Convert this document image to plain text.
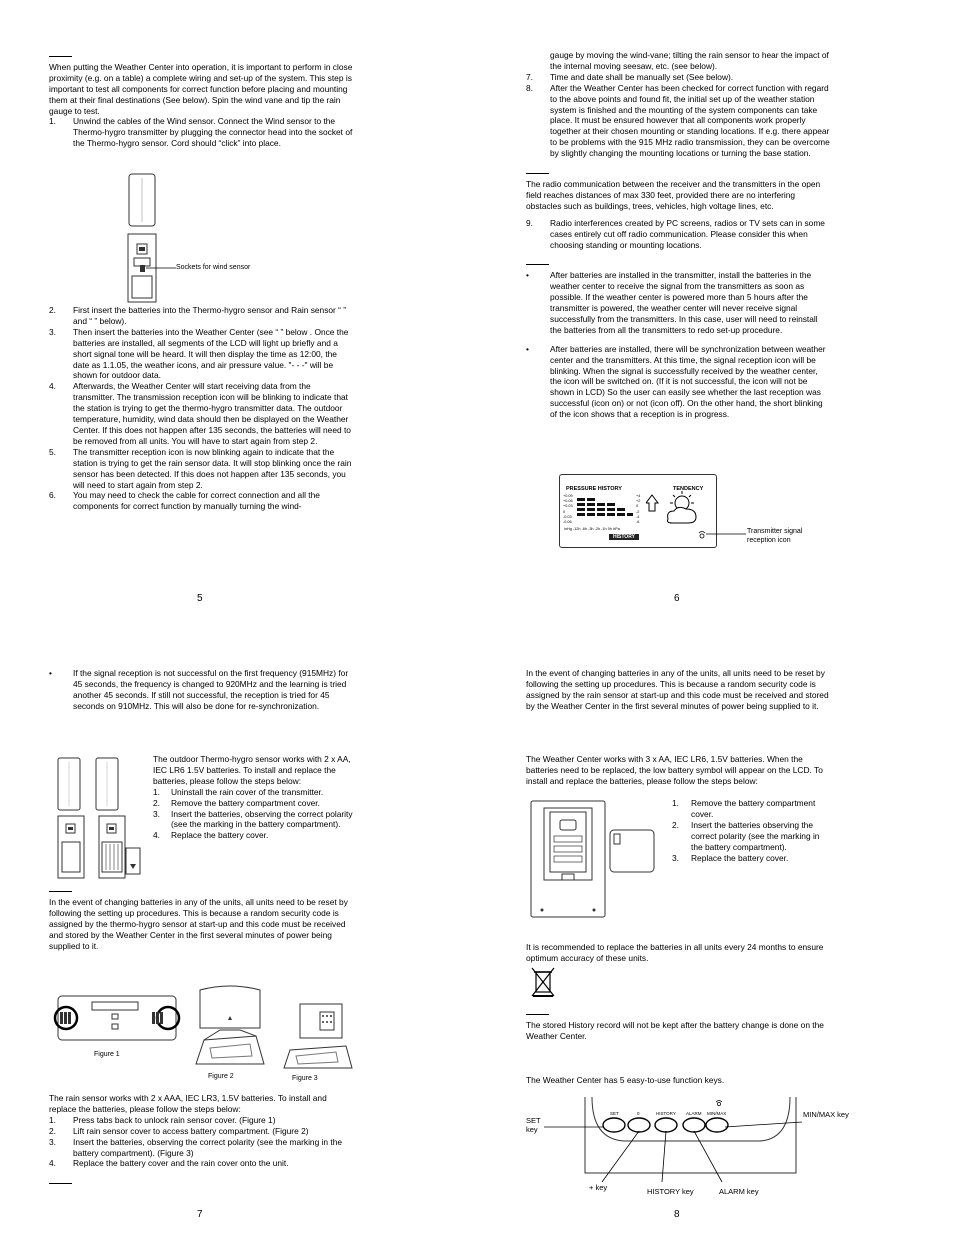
When putting the Weather Center into operation, it is important to perform in close proximity (e.g. on a table) a complete wiring and set-up of the system. This step is important to test all components for correct function before placing and mounting them at their final destinations (See below). Spin the wind vane and tip the rain gauge to test.

1. Unwind the cables of the Wind sensor. Connect the Wind sensor to the Thermo-hygro transmitter by plugging the connector head into the socket of the Thermo-hygro sensor. Cord should “click” into place.
Sockets for wind sensor
2. First insert the batteries into the Thermo-hygro sensor and Rain sensor “ ” and “ ” below).
3. Then insert the batteries into the Weather Center (see “ ” below . Once the batteries are installed, all segments of the LCD will light up briefly and a short signal tone will be heard. It will then display the time as 12:00, the date as 1.1.05, the weather icons, and air pressure value. "- - -" will be shown for outdoor data.
4. Afterwards, the Weather Center will start receiving data from the transmitter. The transmission reception icon will be blinking to indicate that the station is trying to get the thermo-hygro transmitter data. The outdoor temperature, humidity, wind data should then be displayed on the Weather Center. If this does not happen after 135 seconds, the batteries will need to be removed from all units. You will have to start again from step 2.
5. The transmitter reception icon is now blinking again to indicate that the station is trying to get the rain sensor data. It will stop blinking once the rain sensor has been detected. If this does not happen after 135 seconds, you will need to start again from step 2.
6. You may need to check the cable for correct connection and all the components for correct function by manually turning the wind-
5

gauge by moving the wind-vane; tilting the rain sensor to hear the impact of the internal moving seesaw, etc. (see below).

7. Time and date shall be manually set (See below).
8. After the Weather Center has been checked for correct function with regard to the above points and found fit, the initial set up of the weather station system is finished and the mounting of the system components can take place. It must be ensured however that all components work properly together at their chosen mounting or standing locations. If e.g. there appear to be problems with the 915 MHz radio transmission, they can be overcome by slightly changing the mounting locations or turning the base station.

The radio communication between the receiver and the transmitters in the open field reaches distances of max 330 feet, provided there are no interfering obstacles such as buildings, trees, vehicles, high voltage lines, etc.

9. Radio interferences created by PC screens, radios or TV sets can in some cases entirely cut off radio communication. Please consider this when choosing standing or mounting locations.
•	After batteries are installed in the transmitter, install the batteries in the weather center to receive the signal from the transmitters as soon as possible. If the weather center is powered more than 5 hours after the transmitter is powered, the weather center will never receive signal successfully from the transmitters. In this case, user will need to reinstall the batteries from all the transmitters to redo set-up procedure.
•	After batteries are installed, there will be synchronization between weather center and the transmitters. At this time, the signal reception icon will be blinking. When the signal is successfully received by the weather center, the icon will be switched on. (If it is not successful, the icon will not be shown in LCD) So the user can easily see whether the last reception was successful (icon on) or not (icon off). On the other hand, the short blinking of the icon shows that a reception is in progress.
PRESSURE HISTORY	TENDENCY
inHg -12h -6h -3h -2h -1h 0h hPa
HISTORY
+0.09
+0.06
+0.03
0
-0.03
-0.06
+4
+2
0
-2
-4
-6
Transmitter signal reception icon
6
•	If the signal reception is not successful on the first frequency (915MHz) for 45 seconds, the frequency is changed to 920MHz and the learning is tried another 45 seconds. If still not successful, the reception is tried for 45 seconds on 910MHz. This will also be done for re-synchronization.

The outdoor Thermo-hygro sensor works with 2 x AA, IEC LR6 1.5V batteries. To install and replace the batteries, please follow the steps below:

1. Uninstall the rain cover of the transmitter.
2. Remove the battery compartment cover.
3. Insert the batteries, observing the correct polarity (see the marking in the battery compartment).
4. Replace the battery cover.

In the event of changing batteries in any of the units, all units need to be reset by following the setting up procedures. This is because a random security code is assigned by the thermo-hygro sensor at start-up and this code must be received and stored by the Weather Center in the first several minutes of power being supplied to it.

Figure 1
Figure 2	Figure 3

The rain sensor works with 2 x AAA, IEC LR3, 1.5V batteries. To install and replace the batteries, please follow the steps below:

1. Press tabs back to unlock rain sensor cover. (Figure 1)
2. Lift rain sensor cover to access battery compartment. (Figure 2)
3. Insert the batteries, observing the correct polarity (see the marking in the battery compartment). (Figure 3)
4. Replace the battery cover and the rain cover onto the unit.
7

In the event of changing batteries in any of the units, all units need to be reset by following the setting up procedures. This is because a random security code is assigned by the rain sensor at start-up and this code must be received and stored by the Weather Center in the first several minutes of power being supplied to it.

The Weather Center works with 3 x AA, IEC LR6, 1.5V batteries. When the batteries need to be replaced, the low battery symbol will appear on the LCD. To install and replace the batteries, please follow the steps below:

1. Remove the battery compartment cover.
2. Insert the batteries observing the correct polarity (see the marking in the battery compartment).
3. Replace the battery cover.

It is recommended to replace the batteries in all units every 24 months to ensure optimum accuracy of these units.

The stored History record will not be kept after the battery change is done on the Weather Center.

The Weather Center has 5 easy-to-use function keys.

SET	0	HISTORY ALARM MIN/MAX
SET key
MIN/MAX key
+ key	HISTORY key	ALARM key
8
